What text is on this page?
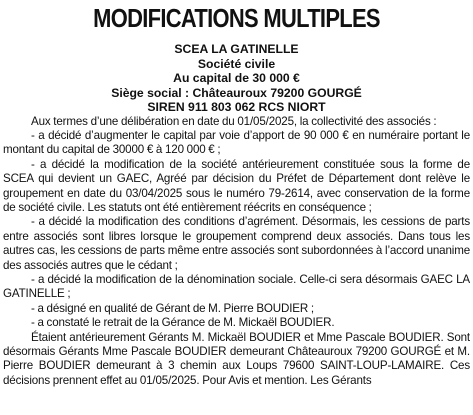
MODIFICATIONS MULTIPLES
SCEA LA GATINELLE
Société civile
Au capital de 30 000 €
Siège social : Châteauroux 79200 GOURGÉ
SIREN 911 803 062 RCS NIORT

Aux termes d’une délibération en date du 01/05/2025, la collectivité des associés :

- a décidé d’augmenter le capital par voie d’apport de 90 000 € en numéraire portant le montant du capital de 30000 € à 120 000 € ;

- a décidé la modification de la société antérieurement constituée sous la forme de SCEA qui devient un GAEC, Agréé par décision du Préfet de Département dont relève le groupement en date du 03/04/2025 sous le numéro 79-2614, avec conservation de la forme de société civile. Les statuts ont été entièrement réécrits en conséquence ;

- a décidé la modification des conditions d’agrément. Désormais, les cessions de parts entre associés sont libres lorsque le groupement comprend deux associés. Dans tous les autres cas, les cessions de parts même entre associés sont subordonnées à l’accord unanime des associés autres que le cédant ;

- a décidé la modification de la dénomination sociale. Celle-ci sera désormais GAEC LA GATINELLE ;

- a désigné en qualité de Gérant de M. Pierre BOUDIER ;

- a constaté le retrait de la Gérance de M. Mickaël BOUDIER.

Étaient antérieurement Gérants M. Mickaël BOUDIER et Mme Pascale BOUDIER. Sont désormais Gérants Mme Pascale BOUDIER demeurant Châteauroux 79200 GOURGÉ et M. Pierre BOUDIER demeurant à 3 chemin aux Loups 79600 SAINT-LOUP-LAMAIRE. Ces décisions prennent effet au 01/05/2025. Pour Avis et mention. Les Gérants
